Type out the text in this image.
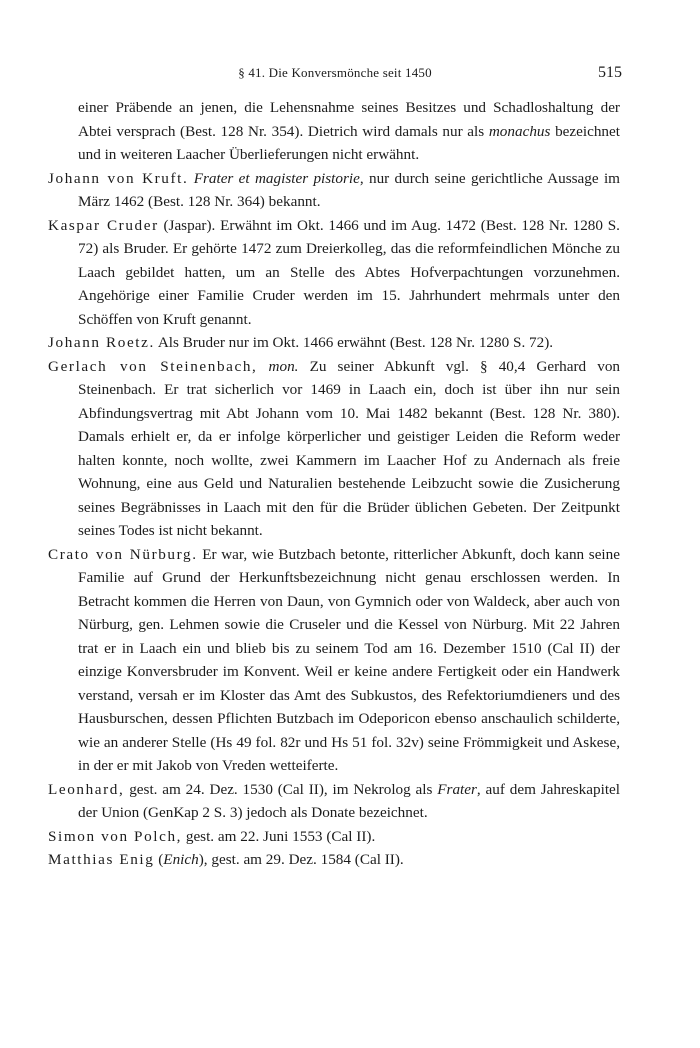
§ 41. Die Konversmönche seit 1450	515

einer Präbende an jenen, die Lehensnahme seines Besitzes und Schadloshaltung der Abtei versprach (Best. 128 Nr. 354). Dietrich wird damals nur als monachus bezeichnet und in weiteren Laacher Überlieferungen nicht erwähnt.

Johann von Kruft. Frater et magister pistorie, nur durch seine gerichtliche Aussage im März 1462 (Best. 128 Nr. 364) bekannt.

Kaspar Cruder (Jaspar). Erwähnt im Okt. 1466 und im Aug. 1472 (Best. 128 Nr. 1280 S. 72) als Bruder. Er gehörte 1472 zum Dreierkolleg, das die reformfeindlichen Mönche zu Laach gebildet hatten, um an Stelle des Abtes Hofverpachtungen vorzunehmen. Angehörige einer Familie Cruder werden im 15. Jahrhundert mehrmals unter den Schöffen von Kruft genannt.

Johann Roetz. Als Bruder nur im Okt. 1466 erwähnt (Best. 128 Nr. 1280 S. 72).

Gerlach von Steinenbach, mon. Zu seiner Abkunft vgl. § 40,4 Gerhard von Steinenbach. Er trat sicherlich vor 1469 in Laach ein, doch ist über ihn nur sein Abfindungsvertrag mit Abt Johann vom 10. Mai 1482 bekannt (Best. 128 Nr. 380). Damals erhielt er, da er infolge körperlicher und geistiger Leiden die Reform weder halten konnte, noch wollte, zwei Kammern im Laacher Hof zu Andernach als freie Wohnung, eine aus Geld und Naturalien bestehende Leibzucht sowie die Zusicherung seines Begräbnisses in Laach mit den für die Brüder üblichen Gebeten. Der Zeitpunkt seines Todes ist nicht bekannt.

Crato von Nürburg. Er war, wie Butzbach betonte, ritterlicher Abkunft, doch kann seine Familie auf Grund der Herkunftsbezeichnung nicht genau erschlossen werden. In Betracht kommen die Herren von Daun, von Gymnich oder von Waldeck, aber auch von Nürburg, gen. Lehmen sowie die Cruseler und die Kessel von Nürburg. Mit 22 Jahren trat er in Laach ein und blieb bis zu seinem Tod am 16. Dezember 1510 (Cal II) der einzige Konversbruder im Konvent. Weil er keine andere Fertigkeit oder ein Handwerk verstand, versah er im Kloster das Amt des Subkustos, des Refektoriumdieners und des Hausburschen, dessen Pflichten Butzbach im Odeporicon ebenso anschaulich schilderte, wie an anderer Stelle (Hs 49 fol. 82r und Hs 51 fol. 32v) seine Frömmigkeit und Askese, in der er mit Jakob von Vreden wetteiferte.

Leonhard, gest. am 24. Dez. 1530 (Cal II), im Nekrolog als Frater, auf dem Jahreskapitel der Union (GenKap 2 S. 3) jedoch als Donate bezeichnet.

Simon von Polch, gest. am 22. Juni 1553 (Cal II).

Matthias Enig (Enich), gest. am 29. Dez. 1584 (Cal II).
